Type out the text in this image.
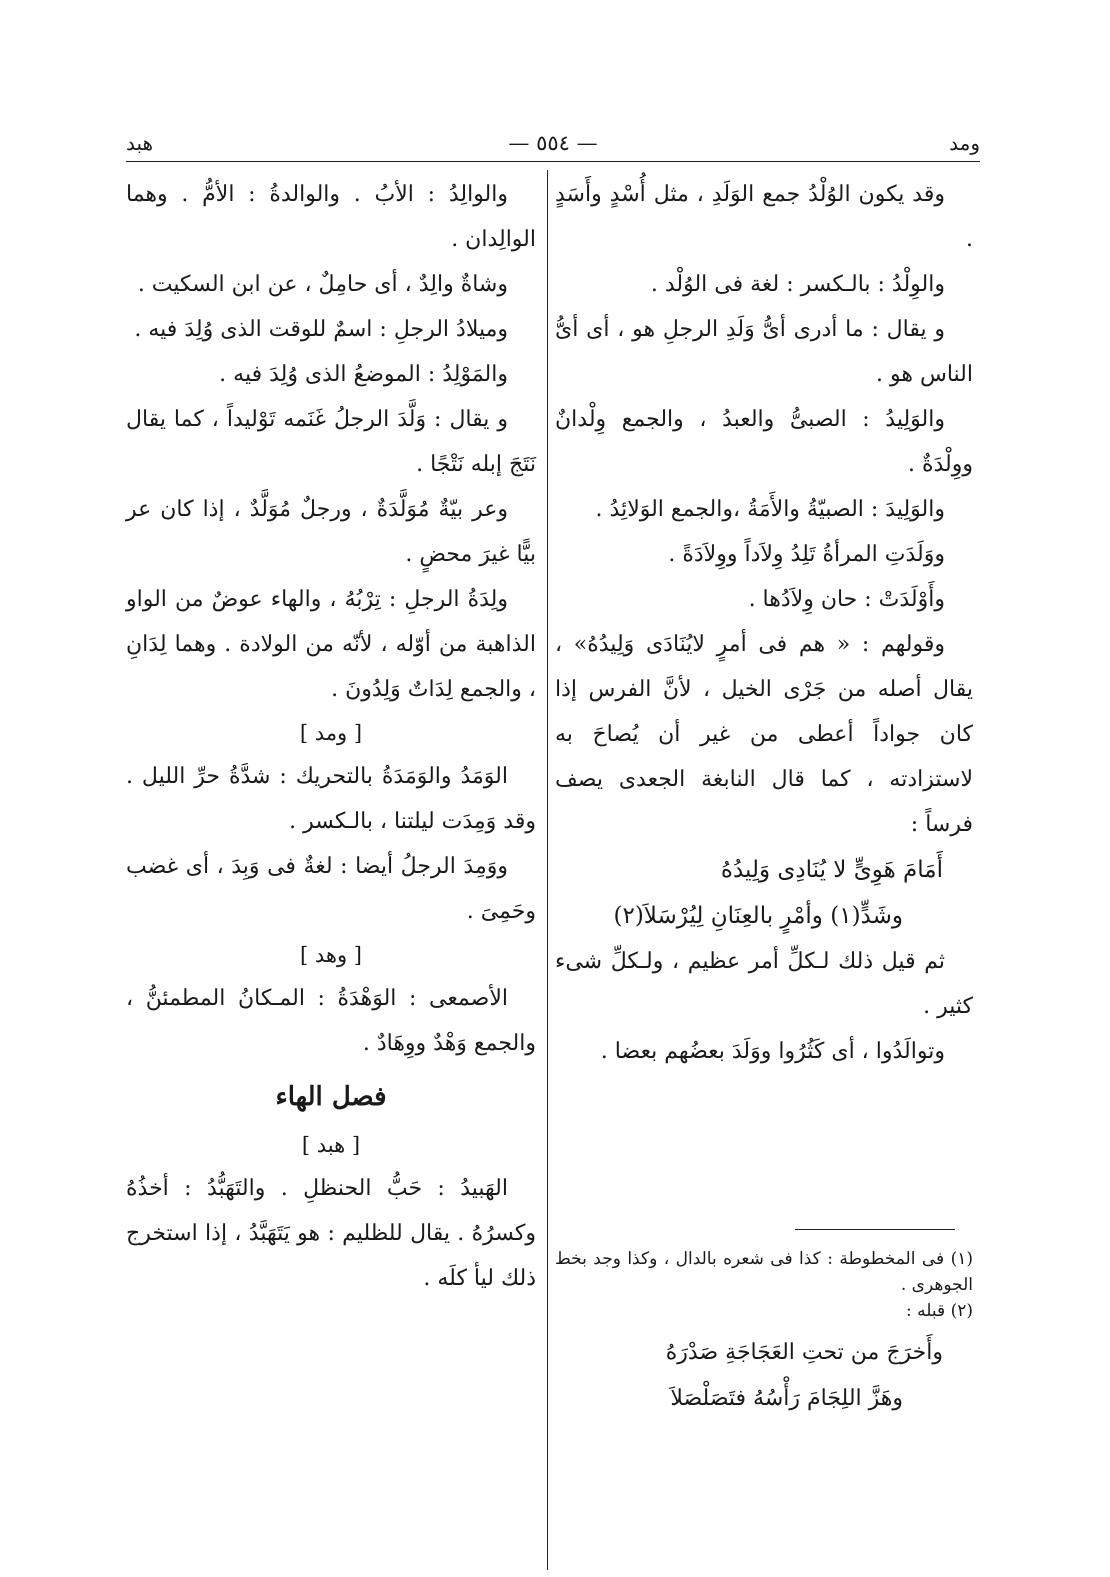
هبد	— ٥٥٤ —	ومد

وقد يكون الوُلْدُ جمع الوَلَدِ ، مثل أُسْدٍ وأَسَدٍ .

والوِلْدُ : بالـكسر : لغة فى الوُلْد .

و يقال : ما أدرى أىُّ وَلَدِ الرجلِ هو ، أى أىُّ الناس هو .

والوَلِيدُ : الصبىُّ والعبدُ ، والجمع وِلْدانٌ ووِلْدَةٌ .

والوَلِيدَ : الصبيّةُ والأَمَةُ ،والجمع الوَلائِدُ .

ووَلَدَتِ المرأةُ تَلِدُ وِلاَداً ووِلاَدَةً .

وأَوْلَدَتْ : حان وِلاَدُها .

وقولهم : « هم فى أمرٍ لايُنَادَى وَلِيدُهُ» ، يقال أصله من جَرْى الخيل ، لأنَّ الفرس إذا كان جواداً أعطى من غير أن يُصاحَ به لاستزادته ، كما قال النابغة الجعدى يصف فرساً :

أَمَامَ هَوِىٍّ لا يُنَادِى وَلِيدُهُ

وشَدٍّ(١) وأمْرٍ بالعِنَانِ لِيُرْسَلاَ(٢)

ثم قيل ذلك لـكلِّ أمر عظيم ، ولـكلِّ شىء كثير .

وتوالَدُوا ، أى كَثُرُوا ووَلَدَ بعضُهم بعضا .

(١) فى المخطوطة : كذا فى شعره بالدال ، وكذا وجد بخط الجوهرى .

(٢) قبله :

وأَخرَجَ من تحتِ العَجَاجَةِ صَدْرَهُ

وهَزَّ اللِجَامَ رَأْسُهُ فتَصَلْصَلاَ

والوالِدُ : الأبُ . والوالدةُ : الأمُّ . وهما الوالِدان .

وشاةٌ والِدٌ ، أى حامِلٌ ، عن ابن السكيت .

وميلادُ الرجلِ : اسمٌ للوقت الذى وُلِدَ فيه .

والمَوْلِدُ : الموضعُ الذى وُلِدَ فيه .

و يقال : وَلَّدَ الرجلُ غَنَمه تَوْليداً ، كما يقال نَتَجَ إبله نَتْجًا .

وعر بيّةٌ مُوَلَّدَةٌ ، ورجلٌ مُوَلَّدٌ ، إذا كان عر بيًّا غيرَ محضٍ .

ولِدَةُ الرجلِ : تِرْبُهُ ، والهاء عوضٌ من الواو الذاهبة من أوّله ، لأنّه من الولادة . وهما لِدَانِ ، والجمع لِدَاتٌ وَلِدُونَ .

[ ومد ]

الوَمَدُ والوَمَدَةُ بالتحريك : شدَّةُ حرِّ الليل . وقد وَمِدَت ليلتنا ، بالـكسر .

ووَمِدَ الرجلُ أيضا : لغةٌ فى وَبِدَ ، أى غضب وحَمِىَ .

[ وهد ]

الأصمعى : الوَهْدَةُ : المـكانُ المطمئنُّ ، والجمع وَهْدٌ ووِهَادٌ .

فصل الهاء

[ هبد ]

الهَبيدُ : حَبُّ الحنظلِ . والتَهَبُّدُ : أخذُهُ وكسرُهُ . يقال للظليم : هو يَتَهَبَّدُ ، إذا استخرج ذلك ليأ كلَه .
